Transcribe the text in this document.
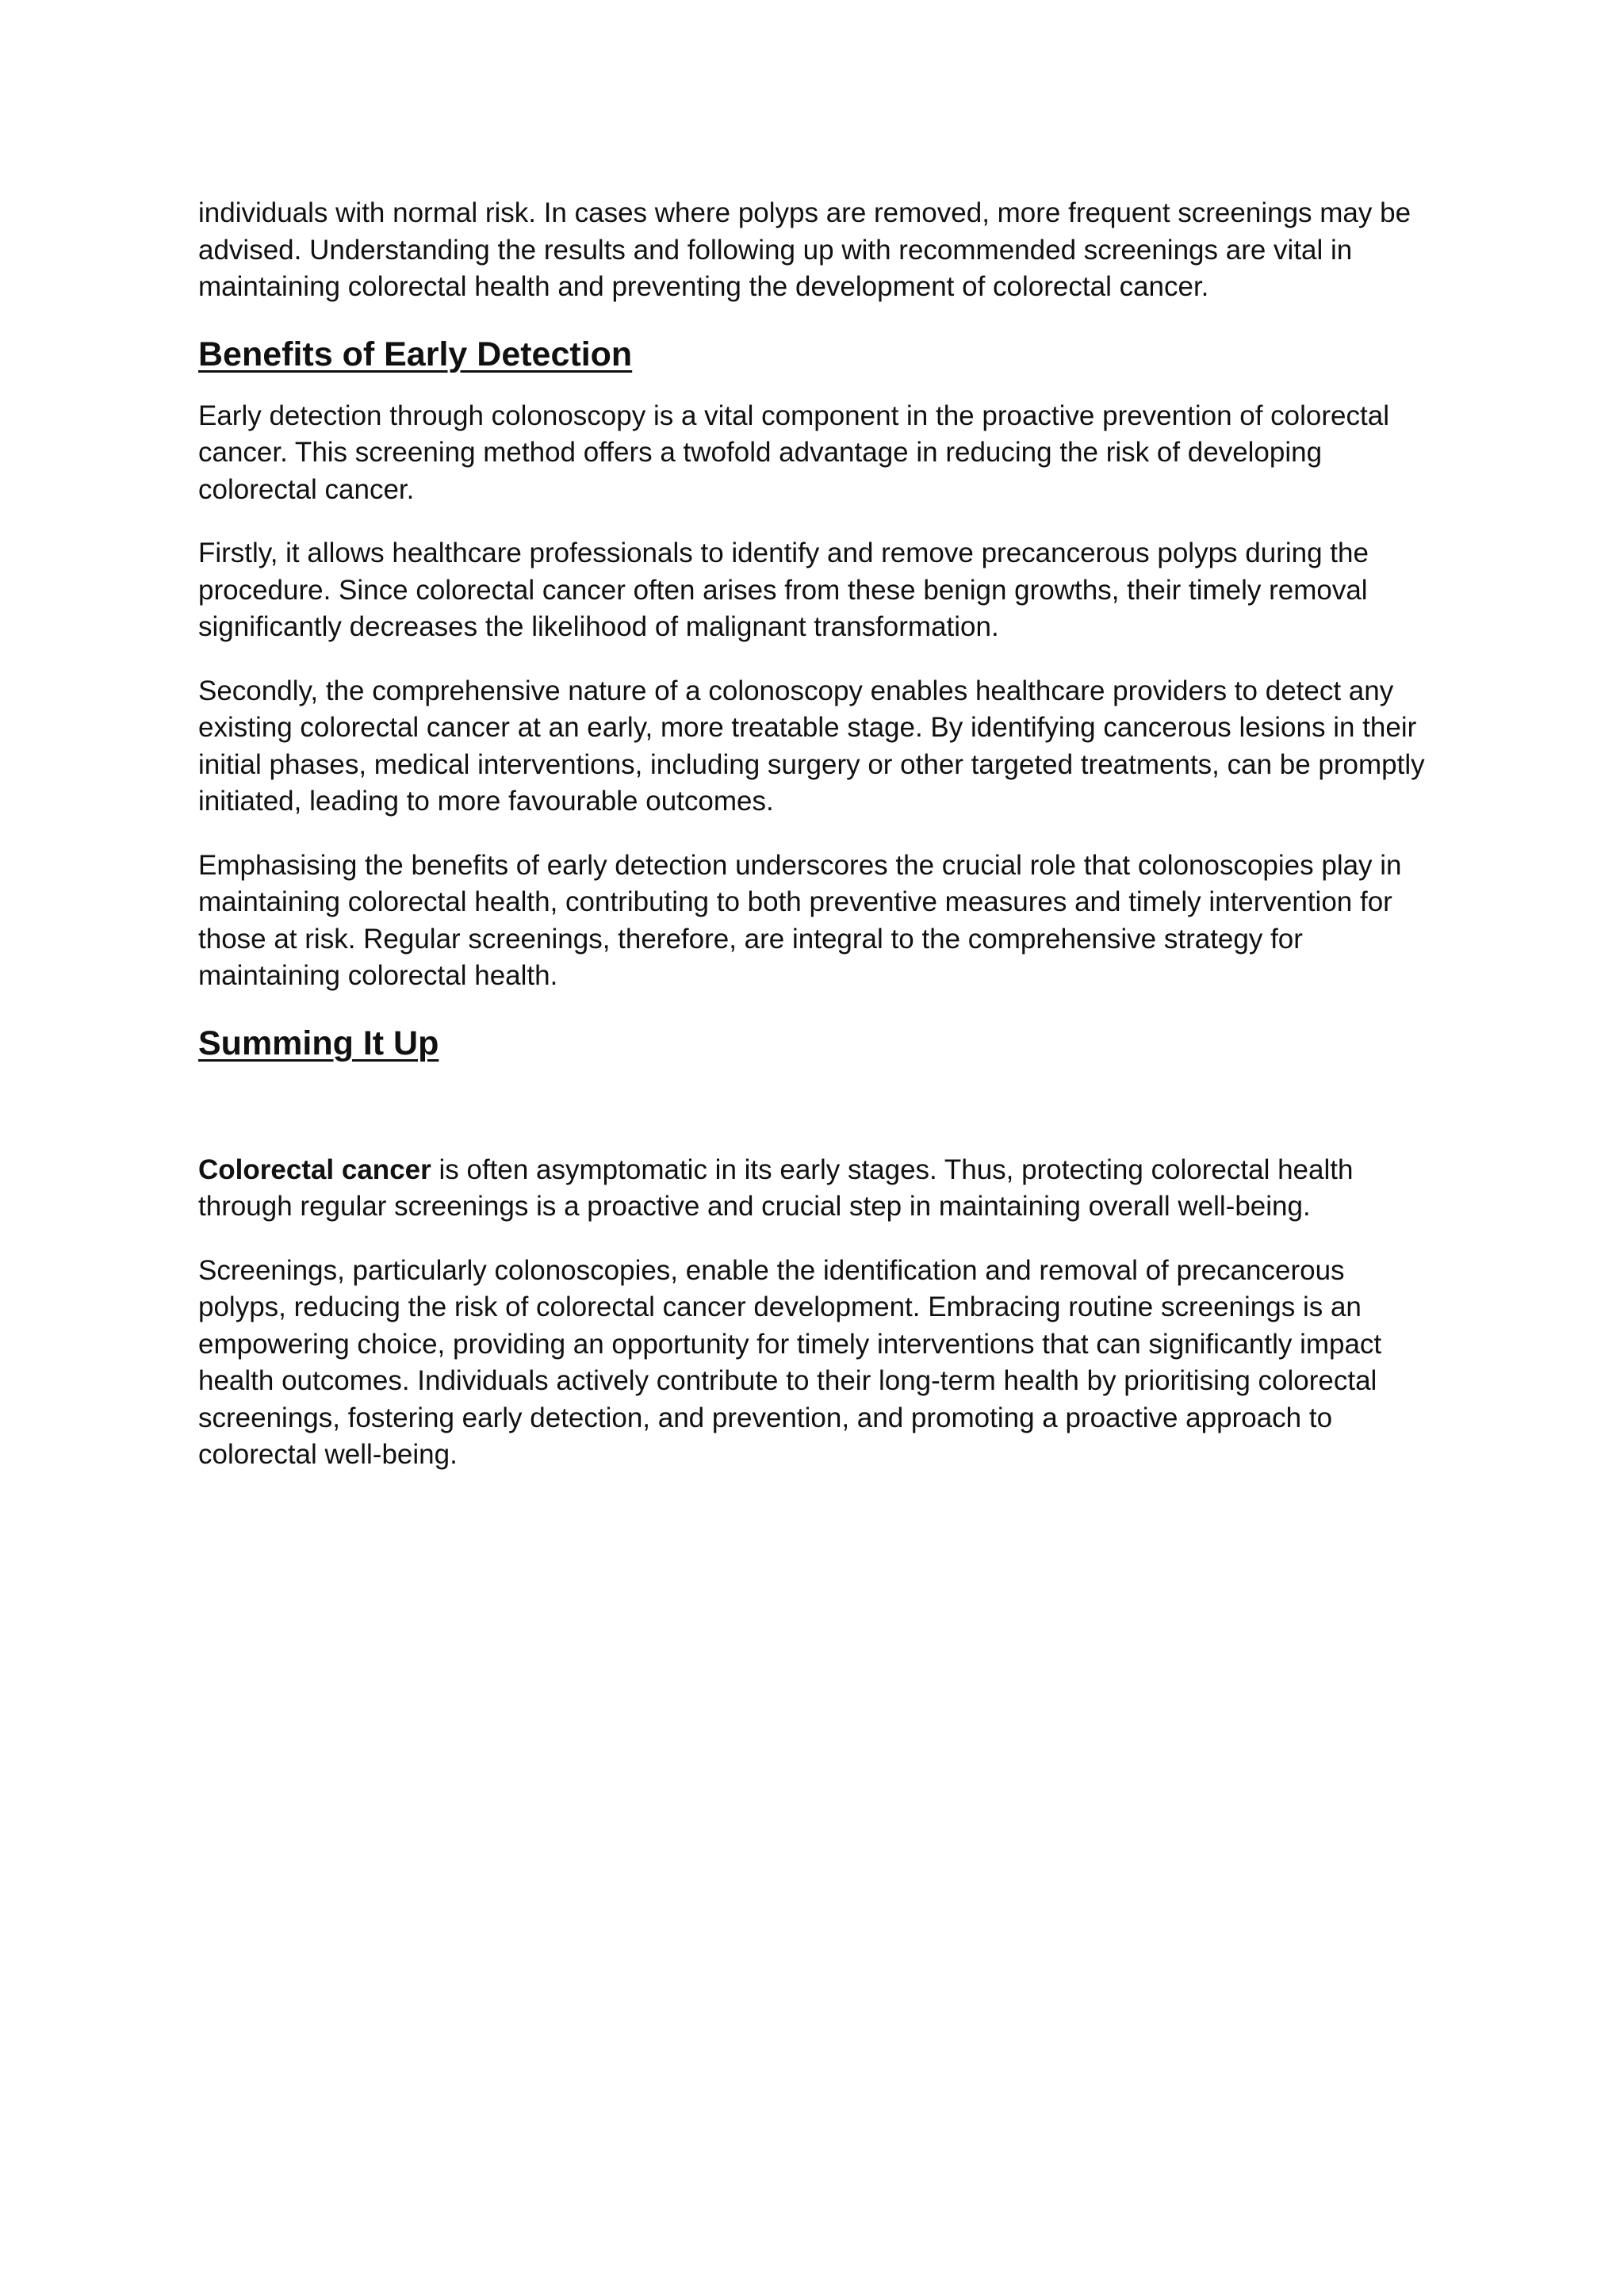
individuals with normal risk. In cases where polyps are removed, more frequent screenings may be advised. Understanding the results and following up with recommended screenings are vital in maintaining colorectal health and preventing the development of colorectal cancer.

Benefits of Early Detection

Early detection through colonoscopy is a vital component in the proactive prevention of colorectal cancer. This screening method offers a twofold advantage in reducing the risk of developing colorectal cancer.

Firstly, it allows healthcare professionals to identify and remove precancerous polyps during the procedure. Since colorectal cancer often arises from these benign growths, their timely removal significantly decreases the likelihood of malignant transformation.

Secondly, the comprehensive nature of a colonoscopy enables healthcare providers to detect any existing colorectal cancer at an early, more treatable stage. By identifying cancerous lesions in their initial phases, medical interventions, including surgery or other targeted treatments, can be promptly initiated, leading to more favourable outcomes.

Emphasising the benefits of early detection underscores the crucial role that colonoscopies play in maintaining colorectal health, contributing to both preventive measures and timely intervention for those at risk. Regular screenings, therefore, are integral to the comprehensive strategy for maintaining colorectal health.

Summing It Up

Colorectal cancer is often asymptomatic in its early stages. Thus, protecting colorectal health through regular screenings is a proactive and crucial step in maintaining overall well-being.

Screenings, particularly colonoscopies, enable the identification and removal of precancerous polyps, reducing the risk of colorectal cancer development. Embracing routine screenings is an empowering choice, providing an opportunity for timely interventions that can significantly impact health outcomes. Individuals actively contribute to their long-term health by prioritising colorectal screenings, fostering early detection, and prevention, and promoting a proactive approach to colorectal well-being.
